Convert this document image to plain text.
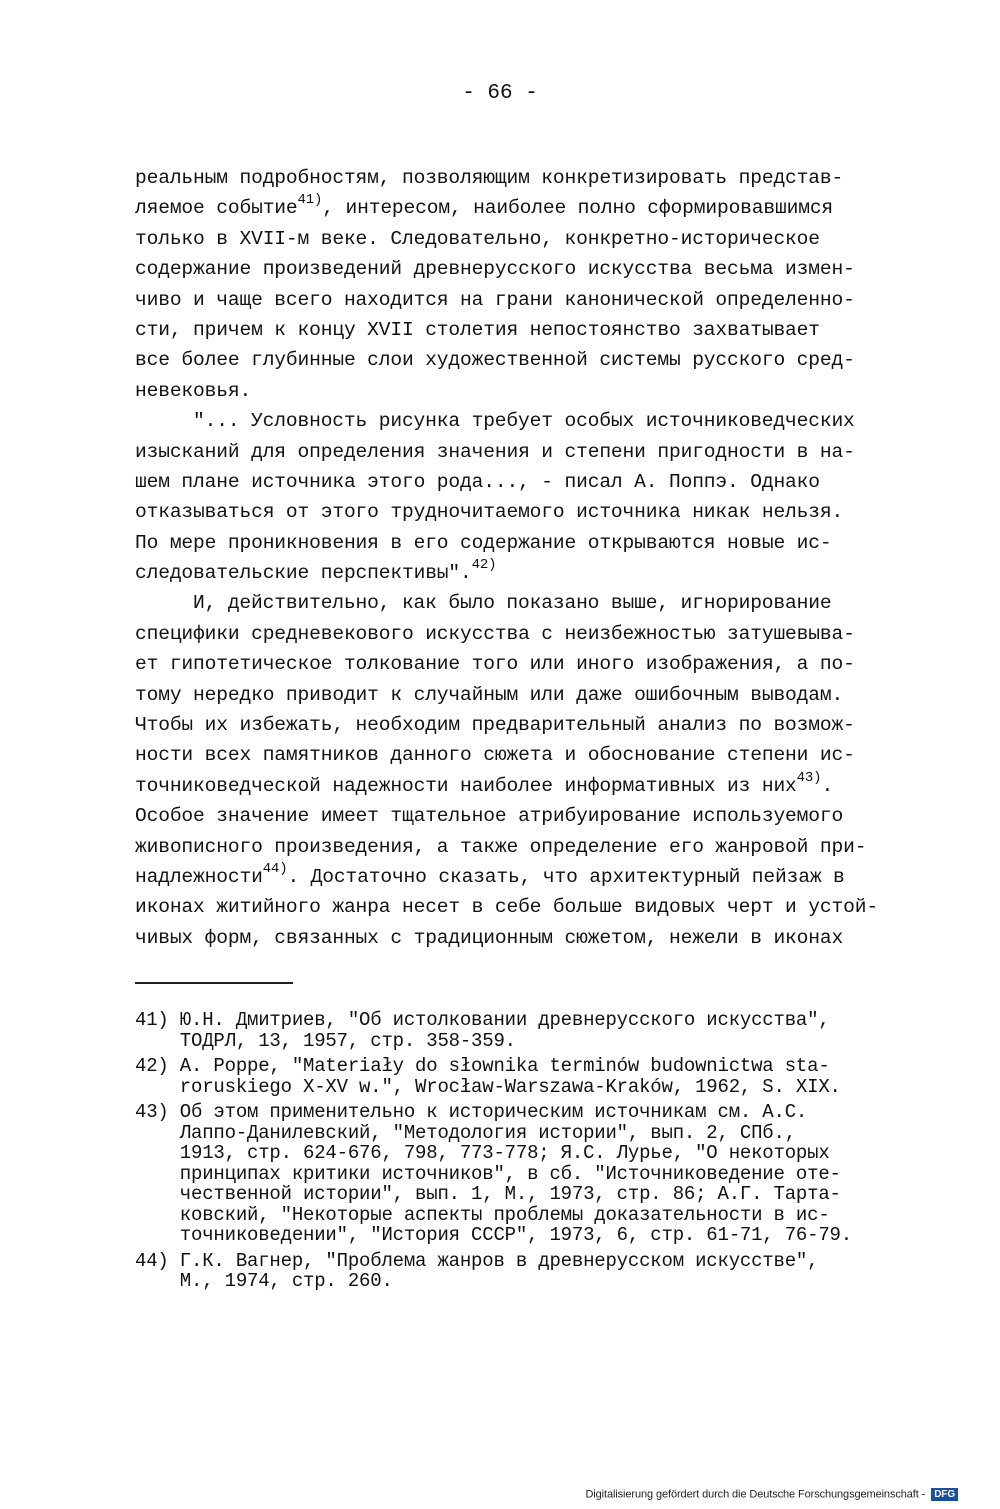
- 66 -
реальным подробностям, позволяющим конкретизировать представ-
ляемое событие$^{41)}$, интересом, наиболее полно сформировавшимся
только в XVII-м веке. Следовательно, конкретно-историческое
содержание произведений древнерусского искусства весьма измен-
чиво и чаще всего находится на грани канонической определенно-
сти, причем к концу XVII столетия непостоянство захватывает
все более глубинные слои художественной системы русского сред-
невековья.
"... Условность рисунка требует особых источниковедческих
изысканий для определения значения и степени пригодности в на-
шем плане источника этого рода..., - писал А. Поппэ. Однако
отказываться от этого трудночитаемого источника никак нельзя.
По мере проникновения в его содержание открываются новые ис-
следовательские перспективы".$^{42)}$
И, действительно, как было показано выше, игнорирование
специфики средневекового искусства с неизбежностью затушевыва-
ет гипотетическое толкование того или иного изображения, а по-
тому нередко приводит к случайным или даже ошибочным выводам.
Чтобы их избежать, необходим предварительный анализ по возмож-
ности всех памятников данного сюжета и обоснование степени ис-
точниковедческой надежности наиболее информативных из них$^{43)}$.
Особое значение имеет тщательное атрибуирование используемого
живописного произведения, а также определение его жанровой при-
надлежности$^{44)}$. Достаточно сказать, что архитектурный пейзаж в
иконах житийного жанра несет в себе больше видовых черт и устой-
чивых форм, связанных с традиционным сюжетом, нежели в иконах
41) Ю.Н. Дмитриев, "Об истолковании древнерусского искусства",
ТОДРЛ, 13, 1957, стр. 358-359.
42) A. Poppe, "Materiały do słownika terminów budownictwa sta-
roruskiego X-XV w.", Wrocław-Warszawa-Kraków, 1962, S. XIX.
43) Об этом применительно к историческим источникам см. А.С.
Лаппо-Данилевский, "Методология истории", вып. 2, СПб.,
1913, стр. 624-676, 798, 773-778; Я.С. Лурье, "О некоторых
принципах критики источников", в сб. "Источниковедение оте-
чественной истории", вып. 1, М., 1973, стр. 86; А.Г. Тарта-
ковский, "Некоторые аспекты проблемы доказательности в ис-
точниковедении", "История СССР", 1973, 6, стр. 61-71, 76-79.
44) Г.К. Вагнер, "Проблема жанров в древнерусском искусстве",
М., 1974, стр. 260.
Digitalisierung gefördert durch die Deutsche Forschungsgemeinschaft - DFG
